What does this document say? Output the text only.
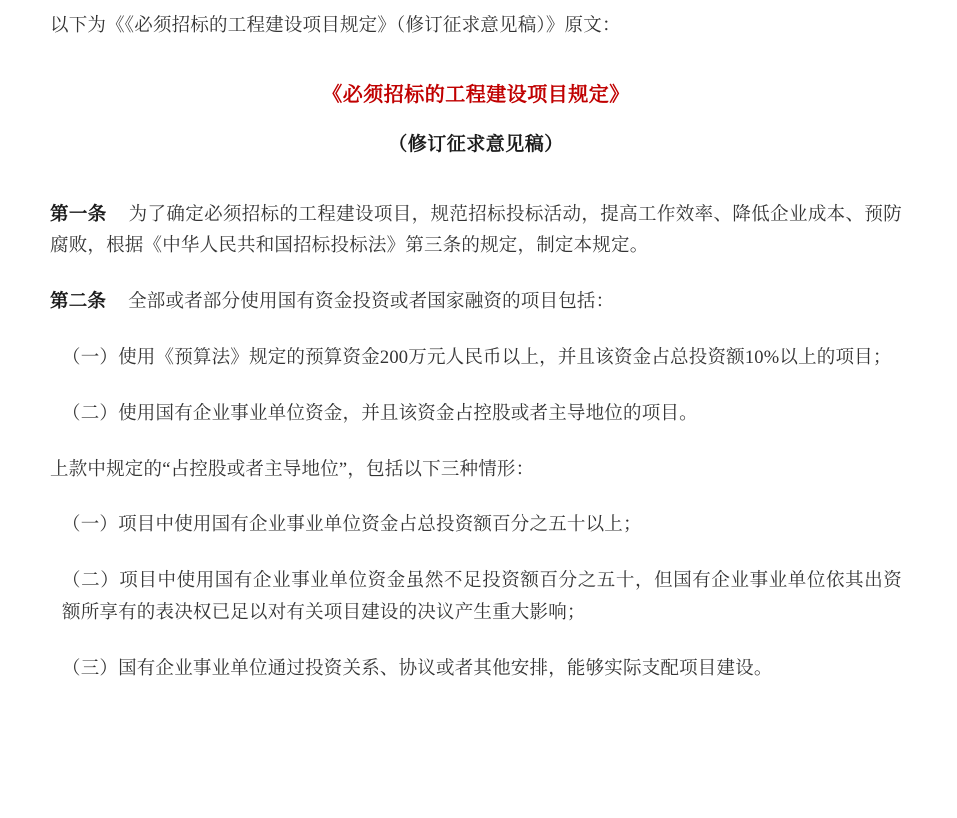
以下为《《必须招标的工程建设项目规定》（修订征求意见稿）》原文：

《必须招标的工程建设项目规定》
（修订征求意见稿）

第一条 为了确定必须招标的工程建设项目，规范招标投标活动，提高工作效率、降低企业成本、预防腐败，根据《中华人民共和国招标投标法》第三条的规定，制定本规定。

第二条 全部或者部分使用国有资金投资或者国家融资的项目包括：

（一）使用《预算法》规定的预算资金200万元人民币以上，并且该资金占总投资额10%以上的项目；

（二）使用国有企业事业单位资金，并且该资金占控股或者主导地位的项目。

上款中规定的“占控股或者主导地位”，包括以下三种情形：

（一）项目中使用国有企业事业单位资金占总投资额百分之五十以上；

（二）项目中使用国有企业事业单位资金虽然不足投资额百分之五十，但国有企业事业单位依其出资额所享有的表决权已足以对有关项目建设的决议产生重大影响；

（三）国有企业事业单位通过投资关系、协议或者其他安排，能够实际支配项目建设。
